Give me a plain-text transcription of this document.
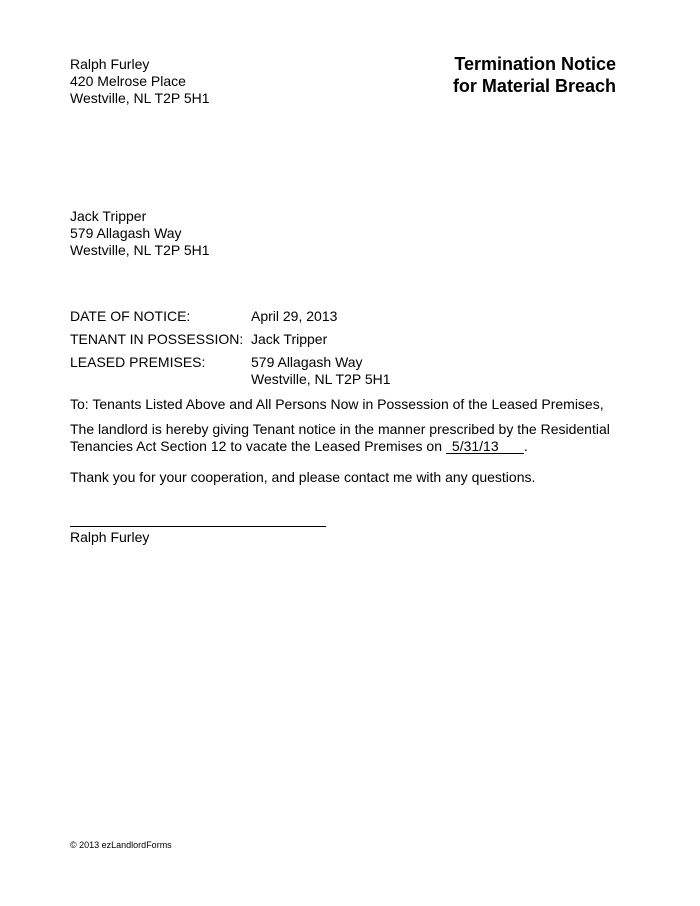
Ralph Furley
420 Melrose Place
Westville, NL T2P 5H1
Termination Notice
for Material Breach
Jack Tripper
579 Allagash Way
Westville, NL T2P 5H1
DATE OF NOTICE:	April 29, 2013
TENANT IN POSSESSION: Jack Tripper
LEASED PREMISES:	579 Allagash Way
Westville, NL T2P 5H1
To: Tenants Listed Above and All Persons Now in Possession of the Leased Premises,
The landlord is hereby giving Tenant notice in the manner prescribed by the Residential
Tenancies Act Section 12 to vacate the Leased Premises on 5/31/13 .
Thank you for your cooperation, and please contact me with any questions.
Ralph Furley
© 2013 ezLandlordForms
